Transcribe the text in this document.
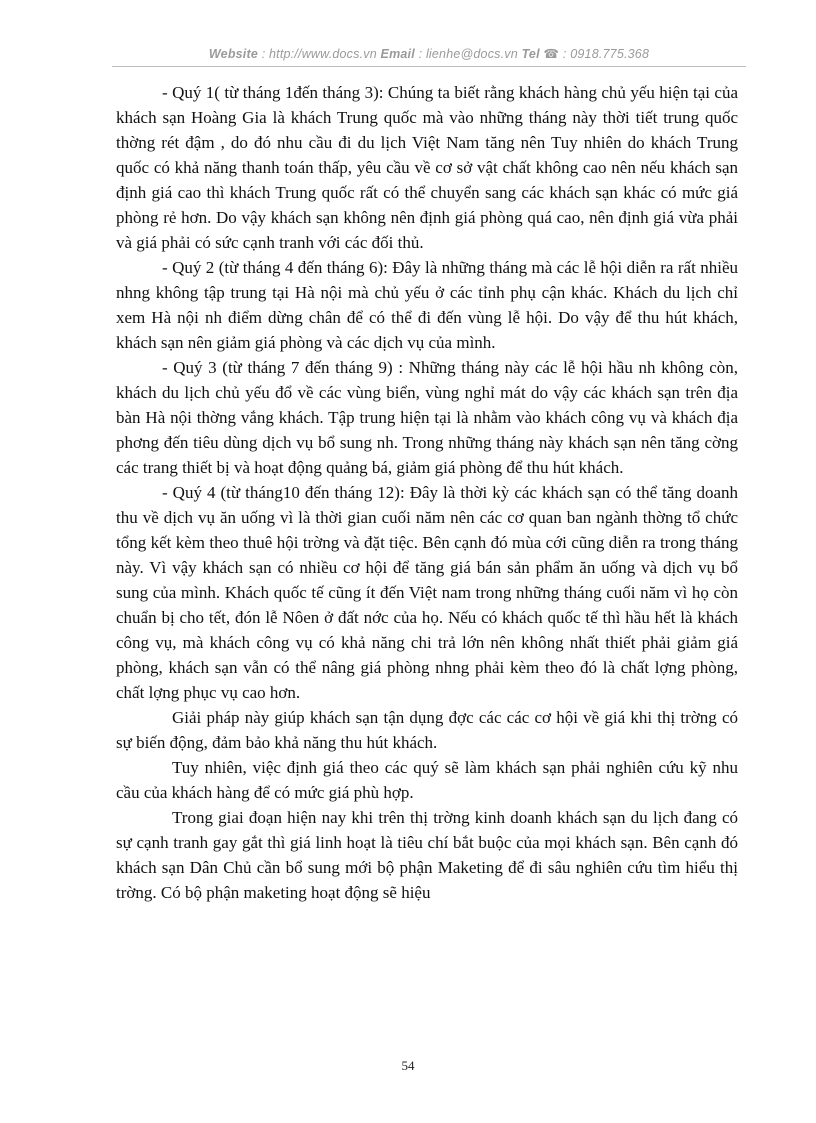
Website : http://www.docs.vn Email : lienhe@docs.vn Tel ☎ : 0918.775.368

- Quý 1( từ tháng 1đến tháng 3): Chúng ta biết rằng khách hàng chủ yếu hiện tại của khách sạn Hoàng Gia là khách Trung quốc mà vào những tháng này thời tiết trung quốc thờng rét đậm , do đó nhu cầu đi du lịch Việt Nam tăng nên Tuy nhiên do khách Trung quốc có khả năng thanh toán thấp, yêu cầu về cơ sở vật chất không cao nên nếu khách sạn định giá cao thì khách Trung quốc rất có thể chuyển sang các khách sạn khác có mức giá phòng rẻ hơn. Do vậy khách sạn không nên định giá phòng quá cao, nên định giá vừa phải và giá phải có sức cạnh tranh với các đối thủ.

- Quý 2 (từ tháng 4 đến tháng 6): Đây là những tháng mà các lễ hội diễn ra rất nhiều nhng không tập trung tại Hà nội mà chủ yếu ở các tỉnh phụ cận khác. Khách du lịch chỉ xem Hà nội nh điểm dừng chân để có thể đi đến vùng lễ hội. Do vậy để thu hút khách, khách sạn nên giảm giá phòng và các dịch vụ của mình.

- Quý 3 (từ tháng 7 đến tháng 9) : Những tháng này các lễ hội hầu nh không còn, khách du lịch chủ yếu đổ về các vùng biển, vùng nghỉ mát do vậy các khách sạn trên địa bàn Hà nội thờng vắng khách. Tập trung hiện tại là nhằm vào khách công vụ và khách địa phơng đến tiêu dùng dịch vụ bổ sung nh. Trong những tháng này khách sạn nên tăng cờng các trang thiết bị và hoạt động quảng bá, giảm giá phòng để thu hút khách.

- Quý 4 (từ tháng10 đến tháng 12): Đây là thời kỳ các khách sạn có thể tăng doanh thu về dịch vụ ăn uống vì là thời gian cuối năm nên các cơ quan ban ngành thờng tổ chức tổng kết kèm theo thuê hội trờng và đặt tiệc. Bên cạnh đó mùa cới cũng diễn ra trong tháng này. Vì vậy khách sạn có nhiều cơ hội để tăng giá bán sản phẩm ăn uống và dịch vụ bổ sung của mình. Khách quốc tế cũng ít đến Việt nam trong những tháng cuối năm vì họ còn chuẩn bị cho tết, đón lễ Nôen ở đất nớc của họ. Nếu có khách quốc tế thì hầu hết là khách công vụ, mà khách công vụ có khả năng chi trả lớn nên không nhất thiết phải giảm giá phòng, khách sạn vẫn có thể nâng giá phòng nhng phải kèm theo đó là chất lợng phòng, chất lợng phục vụ cao hơn.

Giải pháp này giúp khách sạn tận dụng đợc các các cơ hội về giá khi thị trờng có sự biến động, đảm bảo khả năng thu hút khách.

Tuy nhiên, việc định giá theo các quý sẽ làm khách sạn phải nghiên cứu kỹ nhu cầu của khách hàng để có mức giá phù hợp.

Trong giai đoạn hiện nay khi trên thị trờng kinh doanh khách sạn du lịch đang có sự cạnh tranh gay gắt thì giá linh hoạt là tiêu chí bắt buộc của mọi khách sạn. Bên cạnh đó khách sạn Dân Chủ cần bổ sung mới bộ phận Maketing để đi sâu nghiên cứu tìm hiểu thị trờng. Có bộ phận maketing hoạt động sẽ hiệu

54
